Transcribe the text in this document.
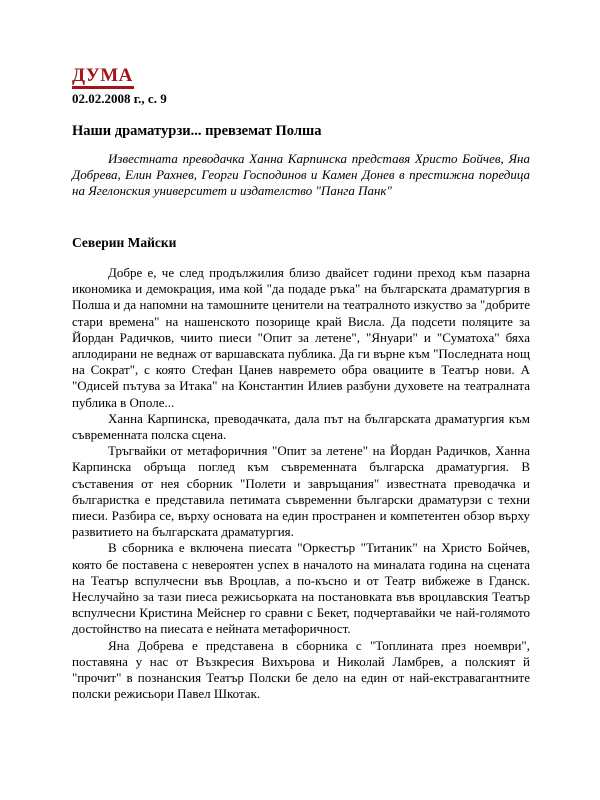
ДУМА
02.02.2008 г., с. 9
Наши драматурзи... превземат Полша

Известната преводачка Ханна Карпинска представя Христо Бойчев, Яна Добрева, Елин Рахнев, Георги Господинов и Камен Донев в престижна поредица на Ягелонския университет и издателство "Панга Панк"

Северин Майски

Добре е, че след продължилия близо двайсет години преход към пазарна икономика и демокрация, има кой "да подаде ръка" на българската драматургия в Полша и да напомни на тамошните ценители на театралното изкуство за "добрите стари времена" на нашенското позорище край Висла. Да подсети поляците за Йордан Радичков, чиито пиеси "Опит за летене", "Януари" и "Суматоха" бяха аплодирани не веднаж от варшавската публика. Да ги върне към "Последната нощ на Сократ", с която Стефан Цанев навремето обра овациите в Театър нови. А "Одисей пътува за Итака" на Константин Илиев разбуни духовете на театралната публика в Ополе...

Ханна Карпинска, преводачката, дала път на българската драматургия към съвременната полска сцена.

Тръгвайки от метафоричния "Опит за летене" на Йордан Радичков, Ханна Карпинска обръща поглед към съвременната българска драматургия. В съставения от нея сборник "Полети и завръщания" известната преводачка и българистка е представила петимата съвременни български драматурзи с техни пиеси. Разбира се, върху основата на един пространен и компетентен обзор върху развитието на българската драматургия.

В сборника е включена пиесата "Оркестър "Титаник" на Христо Бойчев, която бе поставена с невероятен успех в началото на миналата година на сцената на Театър вспулчесни във Вроцлав, а по-късно и от Театр вибжеже в Гданск. Неслучайно за тази пиеса режисьорката на постановката във вроцлавския Театър вспулчесни Кристина Мейснер го сравни с Бекет, подчертавайки че най-голямото достойнство на пиесата е нейната метафоричност.

Яна Добрева е представена в сборника с "Топлината през ноември", поставяна у нас от Възкресия Вихърова и Николай Ламбрев, а полският й "прочит" в познанския Театър Полски бе дело на един от най-екстравагантните полски режисьори Павел Шкотак.
